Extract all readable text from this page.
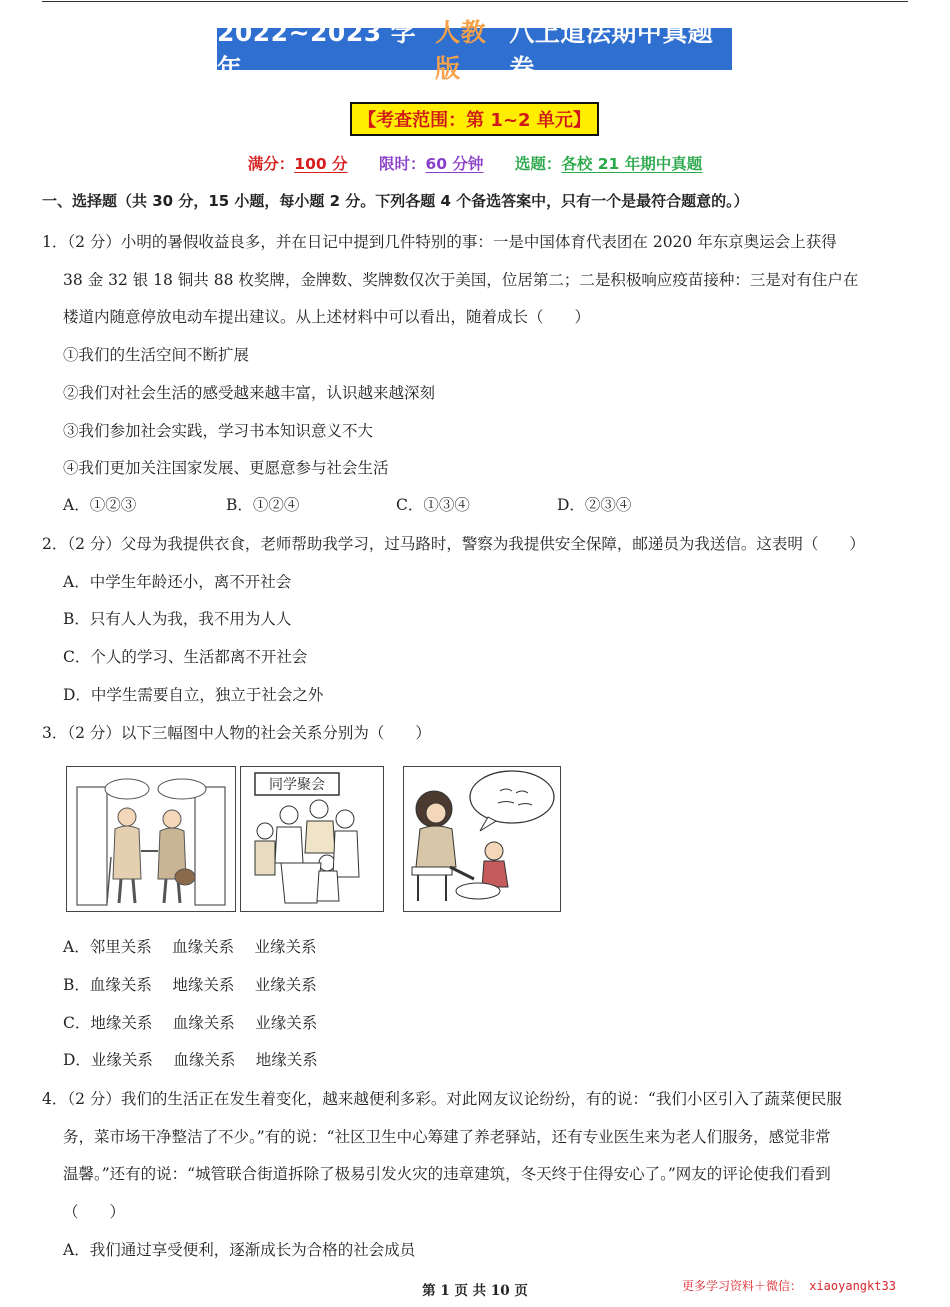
2022~2023 学年
人教版
八上道法期中真题卷
【考查范围：第 1~2 单元】
满分：100 分 限时：60 分钟 选题：各校 21 年期中真题
一、选择题（共 30 分，15 小题，每小题 2 分。下列各题 4 个备选答案中，只有一个是最符合题意的。）
1．（2 分）小明的暑假收益良多，并在日记中提到几件特别的事：一是中国体育代表团在 2020 年东京奥运会上获得
38 金 32 银 18 铜共 88 枚奖牌，金牌数、奖牌数仅次于美国，位居第二；二是积极响应疫苗接种：三是对有住户在
楼道内随意停放电动车提出建议。从上述材料中可以看出，随着成长（　　）
①我们的生活空间不断扩展
②我们对社会生活的感受越来越丰富，认识越来越深刻
③我们参加社会实践，学习书本知识意义不大
④我们更加关注国家发展、更愿意参与社会生活
A．①②③	B．①②④	C．①③④	D．②③④
2．（2 分）父母为我提供衣食，老师帮助我学习，过马路时，警察为我提供安全保障，邮递员为我送信。这表明（　　）
A．中学生年龄还小，离不开社会
B．只有人人为我，我不用为人人
C．个人的学习、生活都离不开社会
D．中学生需要自立，独立于社会之外
3．（2 分）以下三幅图中人物的社会关系分别为（　　）
同学聚会
A．邻里关系　 血缘关系　 业缘关系
B．血缘关系　 地缘关系　 业缘关系
C．地缘关系　 血缘关系　 业缘关系
D．业缘关系　 血缘关系　 地缘关系
4．（2 分）我们的生活正在发生着变化，越来越便利多彩。对此网友议论纷纷，有的说：“我们小区引入了蔬菜便民服
务，菜市场干净整洁了不少。”有的说：“社区卫生中心筹建了养老驿站，还有专业医生来为老人们服务，感觉非常
温馨。”还有的说：“城管联合街道拆除了极易引发火灾的违章建筑，冬天终于住得安心了。”网友的评论使我们看到
（　　）
A．我们通过享受便利，逐渐成长为合格的社会成员
第 1 页 共 10 页	更多学习资料＋微信： xiaoyangkt33
